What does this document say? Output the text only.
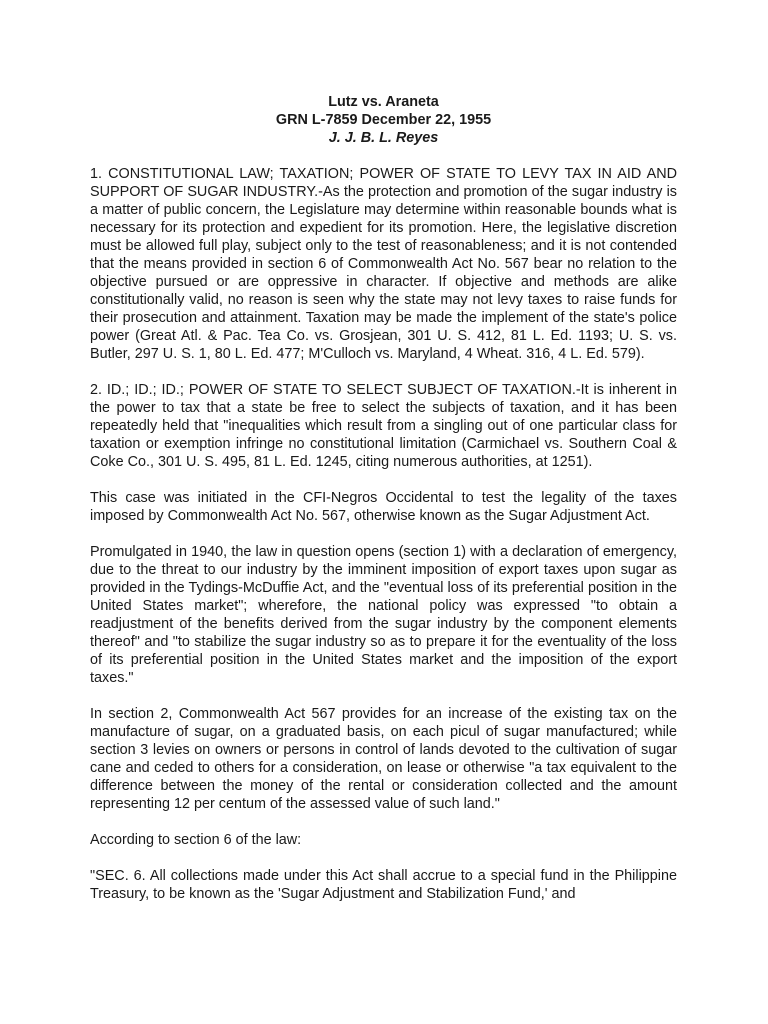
Lutz vs. Araneta
GRN L-7859 December 22, 1955
J. J. B. L. Reyes

1. CONSTITUTIONAL LAW; TAXATION; POWER OF STATE TO LEVY TAX IN AID AND SUPPORT OF SUGAR INDUSTRY.-As the protection and promotion of the sugar industry is a matter of public concern, the Legislature may determine within reasonable bounds what is necessary for its protection and expedient for its promotion. Here, the legislative discretion must be allowed full play, subject only to the test of reasonableness; and it is not contended that the means provided in section 6 of Commonwealth Act No. 567 bear no relation to the objective pursued or are oppressive in character. If objective and methods are alike constitutionally valid, no reason is seen why the state may not levy taxes to raise funds for their prosecution and attainment. Taxation may be made the implement of the state's police power (Great Atl. & Pac. Tea Co. vs. Grosjean, 301 U. S. 412, 81 L. Ed. 1193; U. S. vs. Butler, 297 U. S. 1, 80 L. Ed. 477; M'Culloch vs. Maryland, 4 Wheat. 316, 4 L. Ed. 579).

2. ID.; ID.; ID.; POWER OF STATE TO SELECT SUBJECT OF TAXATION.-It is inherent in the power to tax that a state be free to select the subjects of taxation, and it has been repeatedly held that "inequalities which result from a singling out of one particular class for taxation or exemption infringe no constitutional limitation (Carmichael vs. Southern Coal & Coke Co., 301 U. S. 495, 81 L. Ed. 1245, citing numerous authorities, at 1251).

This case was initiated in the CFI-Negros Occidental to test the legality of the taxes imposed by Commonwealth Act No. 567, otherwise known as the Sugar Adjustment Act.

Promulgated in 1940, the law in question opens (section 1) with a declaration of emergency, due to the threat to our industry by the imminent imposition of export taxes upon sugar as provided in the Tydings-McDuffie Act, and the "eventual loss of its preferential position in the United States market"; wherefore, the national policy was expressed "to obtain a readjustment of the benefits derived from the sugar industry by the component elements thereof" and "to stabilize the sugar industry so as to prepare it for the eventuality of the loss of its preferential position in the United States market and the imposition of the export taxes."

In section 2, Commonwealth Act 567 provides for an increase of the existing tax on the manufacture of sugar, on a graduated basis, on each picul of sugar manufactured; while section 3 levies on owners or persons in control of lands devoted to the cultivation of sugar cane and ceded to others for a consideration, on lease or otherwise "a tax equivalent to the difference between the money of the rental or consideration collected and the amount representing 12 per centum of the assessed value of such land."

According to section 6 of the law:

"SEC. 6. All collections made under this Act shall accrue to a special fund in the Philippine Treasury, to be known as the 'Sugar Adjustment and Stabilization Fund,' and
